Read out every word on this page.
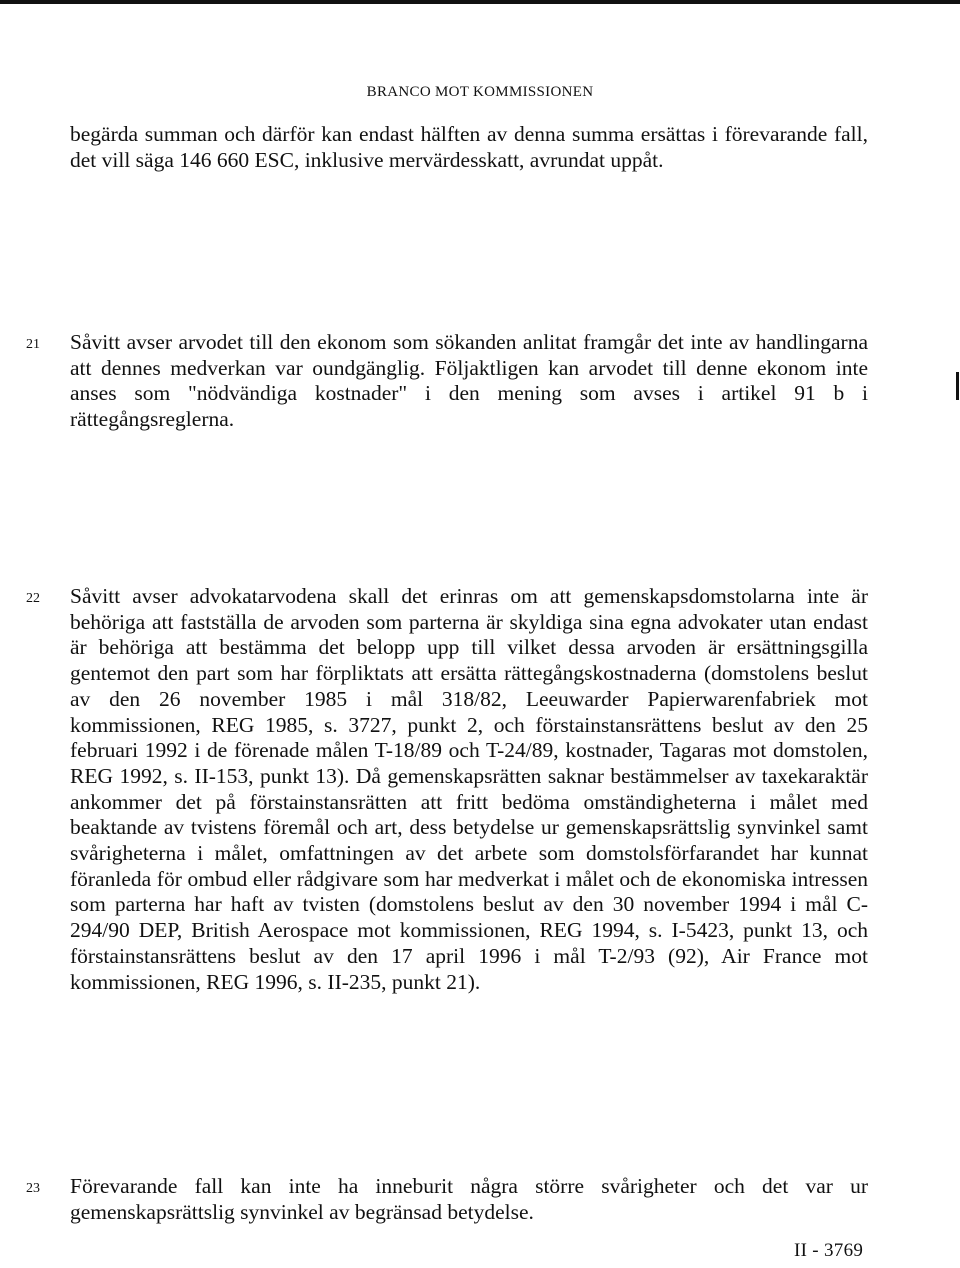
BRANCO MOT KOMMISSIONEN

begärda summan och därför kan endast hälften av denna summa ersättas i förevarande fall, det vill säga 146 660 ESC, inklusive mervärdesskatt, avrundat uppåt.

21 Såvitt avser arvodet till den ekonom som sökanden anlitat framgår det inte av handlingarna att dennes medverkan var oundgänglig. Följaktligen kan arvodet till denne ekonom inte anses som "nödvändiga kostnader" i den mening som avses i artikel 91 b i rättegångsreglerna.

22 Såvitt avser advokatarvodena skall det erinras om att gemenskapsdomstolarna inte är behöriga att fastställa de arvoden som parterna är skyldiga sina egna advokater utan endast är behöriga att bestämma det belopp upp till vilket dessa arvoden är ersättningsgilla gentemot den part som har förpliktats att ersätta rättegångskostnaderna (domstolens beslut av den 26 november 1985 i mål 318/82, Leeuwarder Papierwarenfabriek mot kommissionen, REG 1985, s. 3727, punkt 2, och förstainstansrättens beslut av den 25 februari 1992 i de förenade målen T-18/89 och T-24/89, kostnader, Tagaras mot domstolen, REG 1992, s. II-153, punkt 13). Då gemenskapsrätten saknar bestämmelser av taxekaraktär ankommer det på förstainstansrätten att fritt bedöma omständigheterna i målet med beaktande av tvistens föremål och art, dess betydelse ur gemenskapsrättslig synvinkel samt svårigheterna i målet, omfattningen av det arbete som domstolsförfarandet har kunnat föranleda för ombud eller rådgivare som har medverkat i målet och de ekonomiska intressen som parterna har haft av tvisten (domstolens beslut av den 30 november 1994 i mål C-294/90 DEP, British Aerospace mot kommissionen, REG 1994, s. I-5423, punkt 13, och förstainstansrättens beslut av den 17 april 1996 i mål T-2/93 (92), Air France mot kommissionen, REG 1996, s. II-235, punkt 21).

23 Förevarande fall kan inte ha inneburit några större svårigheter och det var ur gemenskapsrättslig synvinkel av begränsad betydelse.

II - 3769
